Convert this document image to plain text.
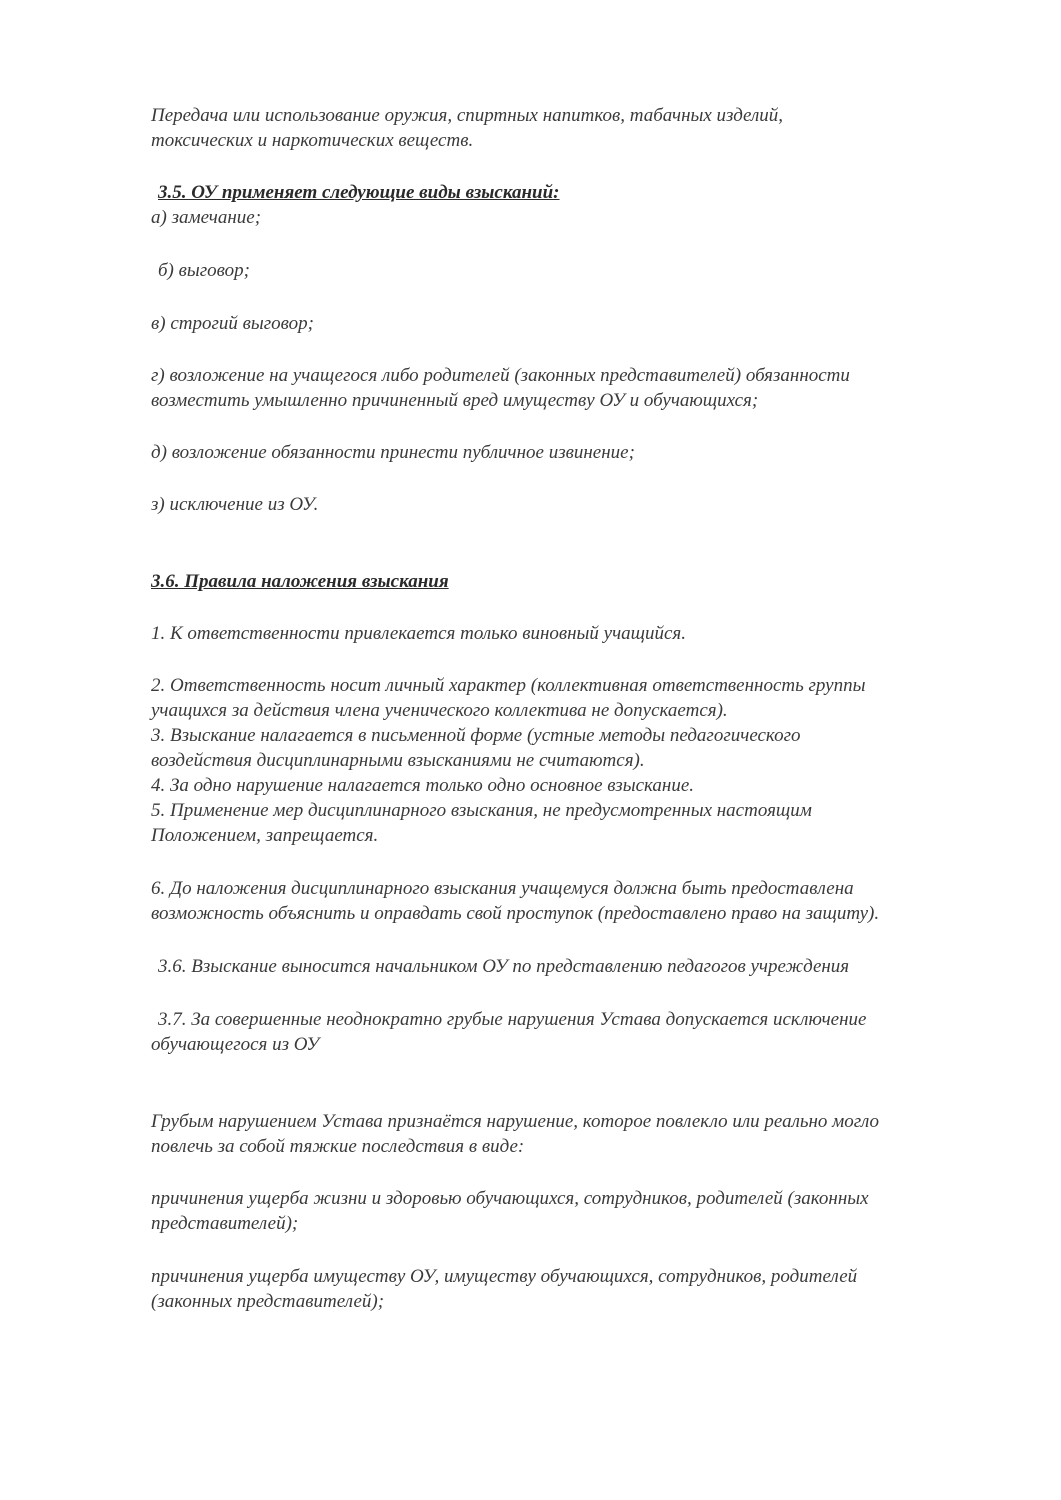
Передача или использование оружия, спиртных напитков, табачных изделий,

токсических и наркотических веществ.

3.5. ОУ применяет следующие виды взысканий:

а) замечание;

б) выговор;

в) строгий выговор;

г) возложение на учащегося либо родителей (законных представителей) обязанности

возместить умышленно причиненный вред имуществу ОУ и обучающихся;

д) возложение обязанности принести публичное извинение;

з) исключение из ОУ.

3.6. Правила наложения взыскания

1. К ответственности привлекается только виновный учащийся.

2. Ответственность носит личный характер (коллективная ответственность группы

учащихся за действия члена ученического коллектива не допускается).

3. Взыскание налагается в письменной форме (устные методы педагогического

воздействия дисциплинарными взысканиями не считаются).

4. За одно нарушение налагается только одно основное взыскание.

5. Применение мер дисциплинарного взыскания, не предусмотренных настоящим

Положением, запрещается.

6. До наложения дисциплинарного взыскания учащемуся должна быть предоставлена

возможность объяснить и оправдать свой проступок (предоставлено право на защиту).

3.6. Взыскание выносится начальником ОУ по представлению педагогов учреждения

3.7. За совершенные неоднократно грубые нарушения Устава допускается исключение

обучающегося из ОУ

Грубым нарушением Устава признаётся нарушение, которое повлекло или реально могло

повлечь за собой тяжкие последствия в виде:

причинения ущерба жизни и здоровью обучающихся, сотрудников, родителей (законных

представителей);

причинения ущерба имуществу ОУ, имуществу обучающихся, сотрудников, родителей

(законных представителей);
